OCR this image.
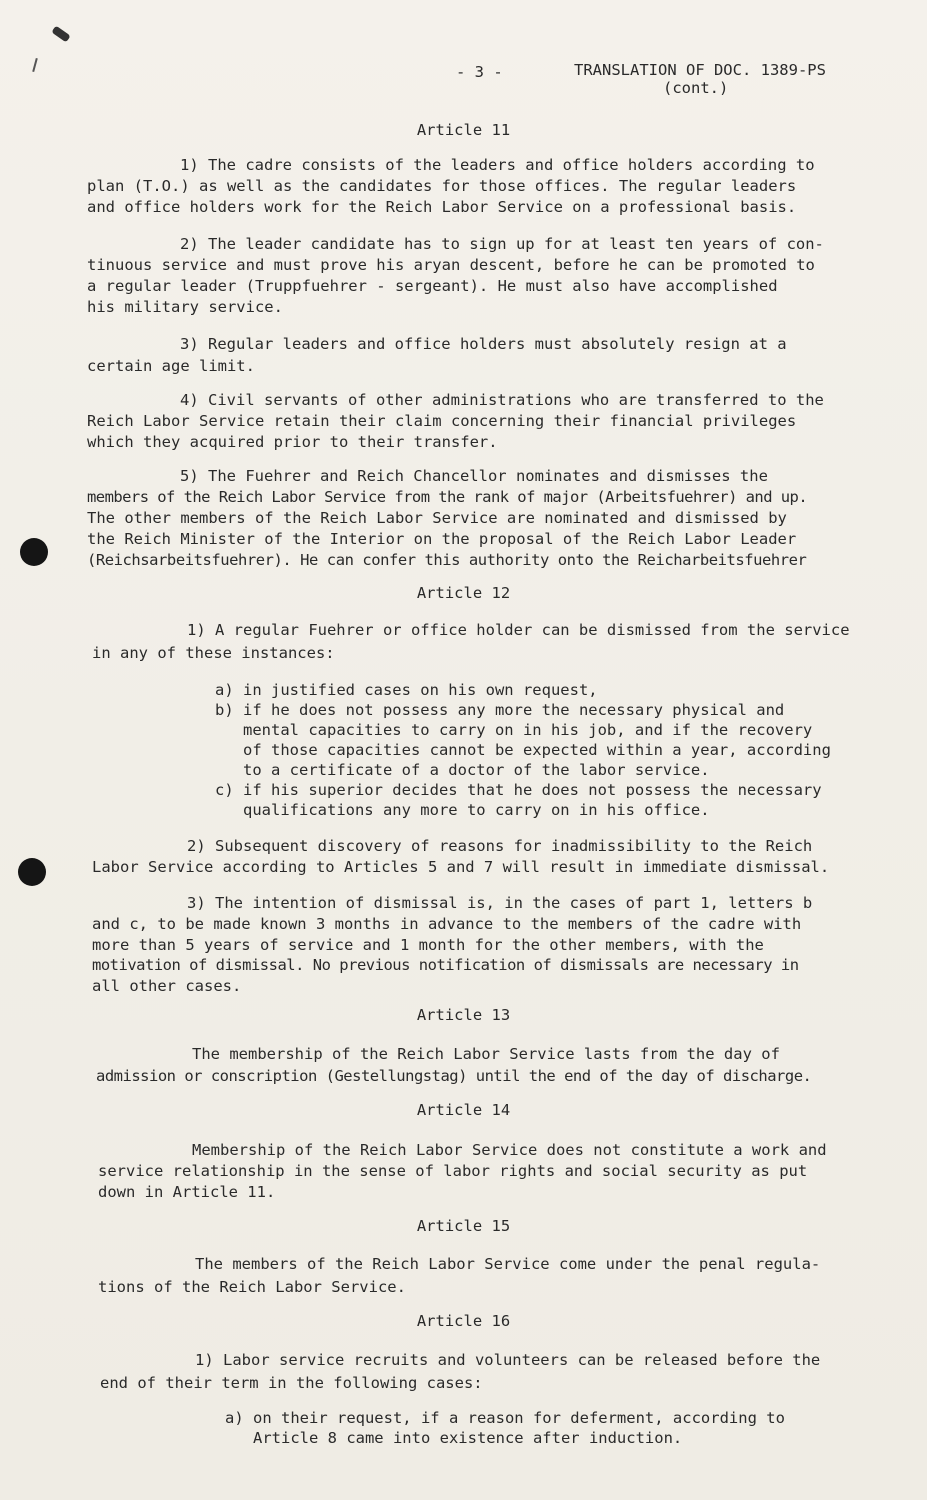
- 3 -	TRANSLATION OF DOC. 1389-PS
(cont.)
Article 11
1) The cadre consists of the leaders and office holders according to
plan (T.O.) as well as the candidates for those offices. The regular leaders
and office holders work for the Reich Labor Service on a professional basis.
2) The leader candidate has to sign up for at least ten years of con-
tinuous service and must prove his aryan descent, before he can be promoted to
a regular leader (Truppfuehrer - sergeant). He must also have accomplished
his military service.
3) Regular leaders and office holders must absolutely resign at a
certain age limit.
4) Civil servants of other administrations who are transferred to the
Reich Labor Service retain their claim concerning their financial privileges
which they acquired prior to their transfer.
5) The Fuehrer and Reich Chancellor nominates and dismisses the
members of the Reich Labor Service from the rank of major (Arbeitsfuehrer) and up.
The other members of the Reich Labor Service are nominated and dismissed by
the Reich Minister of the Interior on the proposal of the Reich Labor Leader
(Reichsarbeitsfuehrer). He can confer this authority onto the Reicharbeitsfuehrer
Article 12
1) A regular Fuehrer or office holder can be dismissed from the service
in any of these instances:
a) in justified cases on his own request,
b) if he does not possess any more the necessary physical and
mental capacities to carry on in his job, and if the recovery
of those capacities cannot be expected within a year, according
to a certificate of a doctor of the labor service.
c) if his superior decides that he does not possess the necessary
qualifications any more to carry on in his office.
2) Subsequent discovery of reasons for inadmissibility to the Reich
Labor Service according to Articles 5 and 7 will result in immediate dismissal.
3) The intention of dismissal is, in the cases of part 1, letters b
and c, to be made known 3 months in advance to the members of the cadre with
more than 5 years of service and 1 month for the other members, with the
motivation of dismissal. No previous notification of dismissals are necessary in
all other cases.
Article 13
The membership of the Reich Labor Service lasts from the day of
admission or conscription (Gestellungstag) until the end of the day of discharge.
Article 14
Membership of the Reich Labor Service does not constitute a work and
service relationship in the sense of labor rights and social security as put
down in Article 11.
Article 15
The members of the Reich Labor Service come under the penal regula-
tions of the Reich Labor Service.
Article 16
1) Labor service recruits and volunteers can be released before the
end of their term in the following cases:
a) on their request, if a reason for deferment, according to
Article 8 came into existence after induction.
